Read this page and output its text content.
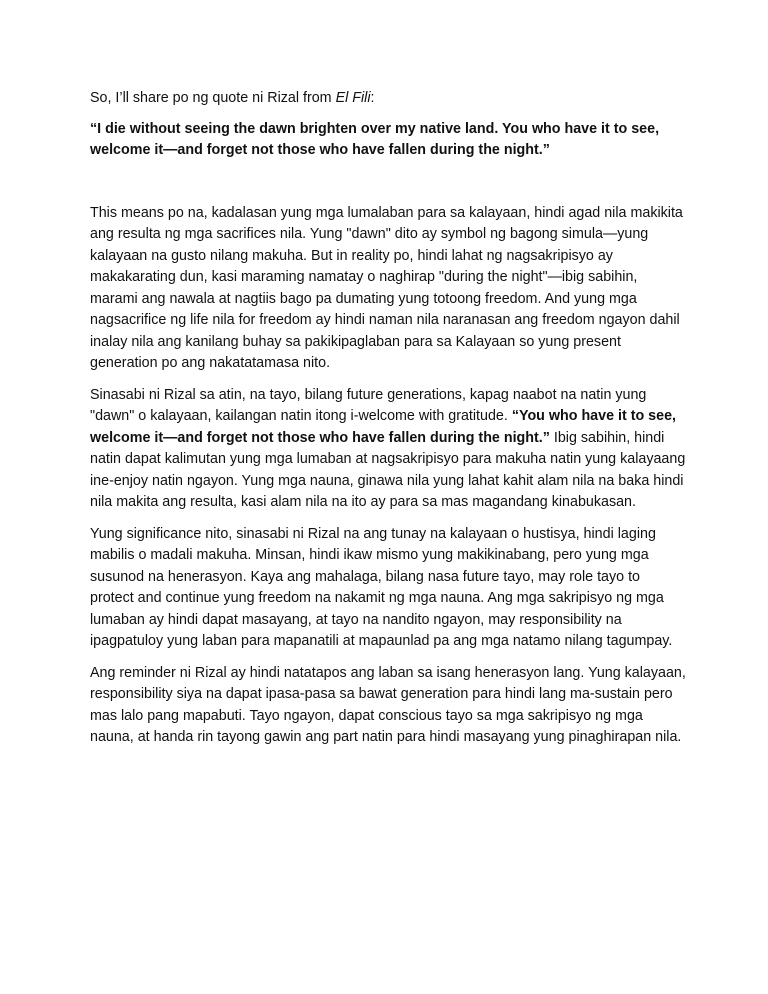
So, I’ll share po ng quote ni Rizal from El Fili:

“I die without seeing the dawn brighten over my native land. You who have it to see, welcome it—and forget not those who have fallen during the night.”

This means po na, kadalasan yung mga lumalaban para sa kalayaan, hindi agad nila makikita ang resulta ng mga sacrifices nila. Yung "dawn" dito ay symbol ng bagong simula—yung kalayaan na gusto nilang makuha. But in reality po, hindi lahat ng nagsakripisyo ay makakarating dun, kasi maraming namatay o naghirap "during the night"—ibig sabihin, marami ang nawala at nagtiis bago pa dumating yung totoong freedom. And yung mga nagsacrifice ng life nila for freedom ay hindi naman nila naranasan ang freedom ngayon dahil inalay nila ang kanilang buhay sa pakikipaglaban para sa Kalayaan so yung present generation po ang nakatatamasa nito.

Sinasabi ni Rizal sa atin, na tayo, bilang future generations, kapag naabot na natin yung "dawn" o kalayaan, kailangan natin itong i-welcome with gratitude. “You who have it to see, welcome it—and forget not those who have fallen during the night.” Ibig sabihin, hindi natin dapat kalimutan yung mga lumaban at nagsakripisyo para makuha natin yung kalayaang ine-enjoy natin ngayon. Yung mga nauna, ginawa nila yung lahat kahit alam nila na baka hindi nila makita ang resulta, kasi alam nila na ito ay para sa mas magandang kinabukasan.

Yung significance nito, sinasabi ni Rizal na ang tunay na kalayaan o hustisya, hindi laging mabilis o madali makuha. Minsan, hindi ikaw mismo yung makikinabang, pero yung mga susunod na henerasyon. Kaya ang mahalaga, bilang nasa future tayo, may role tayo to protect and continue yung freedom na nakamit ng mga nauna. Ang mga sakripisyo ng mga lumaban ay hindi dapat masayang, at tayo na nandito ngayon, may responsibility na ipagpatuloy yung laban para mapanatili at mapaunlad pa ang mga natamo nilang tagumpay.

Ang reminder ni Rizal ay hindi natatapos ang laban sa isang henerasyon lang. Yung kalayaan, responsibility siya na dapat ipasa-pasa sa bawat generation para hindi lang ma-sustain pero mas lalo pang mapabuti. Tayo ngayon, dapat conscious tayo sa mga sakripisyo ng mga nauna, at handa rin tayong gawin ang part natin para hindi masayang yung pinaghirapan nila.
